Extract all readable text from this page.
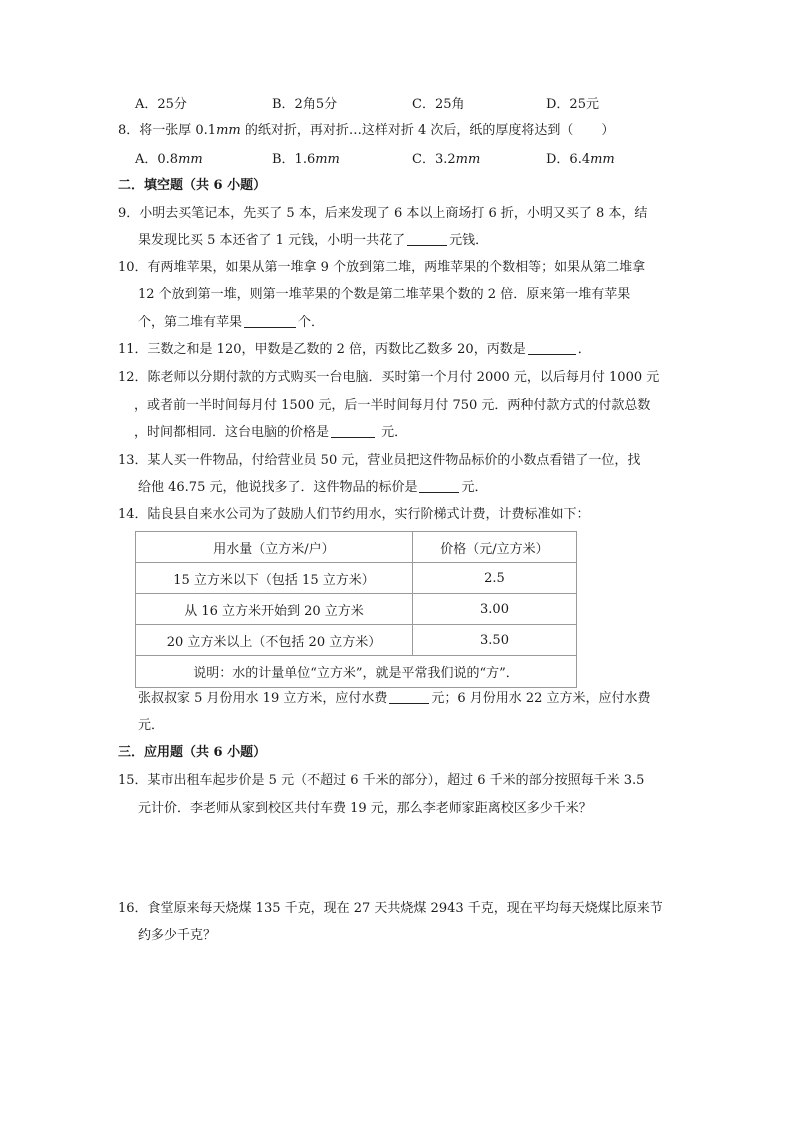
A．25分	B．2角5分	C．25角	D．25元
8．将一张厚 0.1mm 的纸对折，再对折…这样对折 4 次后，纸的厚度将达到（ ）
A．0.8mm	B．1.6mm	C．3.2mm	D．6.4mm
二．填空题（共 6 小题）
9．小明去买笔记本，先买了 5 本，后来发现了 6 本以上商场打 6 折，小明又买了 8 本，结
果发现比买 5 本还省了 1 元钱，小明一共花了	元钱．
10．有两堆苹果，如果从第一堆拿 9 个放到第二堆，两堆苹果的个数相等；如果从第二堆拿
12 个放到第一堆，则第一堆苹果的个数是第二堆苹果个数的 2 倍．原来第一堆有苹果
个，第二堆有苹果	个．
11．三数之和是 120，甲数是乙数的 2 倍，丙数比乙数多 20，丙数是	．
12．陈老师以分期付款的方式购买一台电脑．买时第一个月付 2000 元，以后每月付 1000 元
，或者前一半时间每月付 1500 元，后一半时间每月付 750 元．两种付款方式的付款总数
，时间都相同．这台电脑的价格是	元．
13．某人买一件物品，付给营业员 50 元，营业员把这件物品标价的小数点看错了一位，找
给他 46.75 元，他说找多了．这件物品的标价是	元．
14．陆良县自来水公司为了鼓励人们节约用水，实行阶梯式计费，计费标准如下：
用水量（立方米/户）	价格（元/立方米）
15 立方米以下（包括 15 立方米）	2.5
从 16 立方米开始到 20 立方米	3.00
20 立方米以上（不包括 20 立方米）	3.50
说明：水的计量单位“立方米”，就是平常我们说的“方”．	
张叔叔家 5 月份用水 19 立方米，应付水费	元；6 月份用水 22 立方米，应付水费
元．
三．应用题（共 6 小题）
15．某市出租车起步价是 5 元（不超过 6 千米的部分），超过 6 千米的部分按照每千米 3.5
元计价．李老师从家到校区共付车费 19 元，那么李老师家距离校区多少千米？
16．食堂原来每天烧煤 135 千克，现在 27 天共烧煤 2943 千克，现在平均每天烧煤比原来节
约多少千克？
